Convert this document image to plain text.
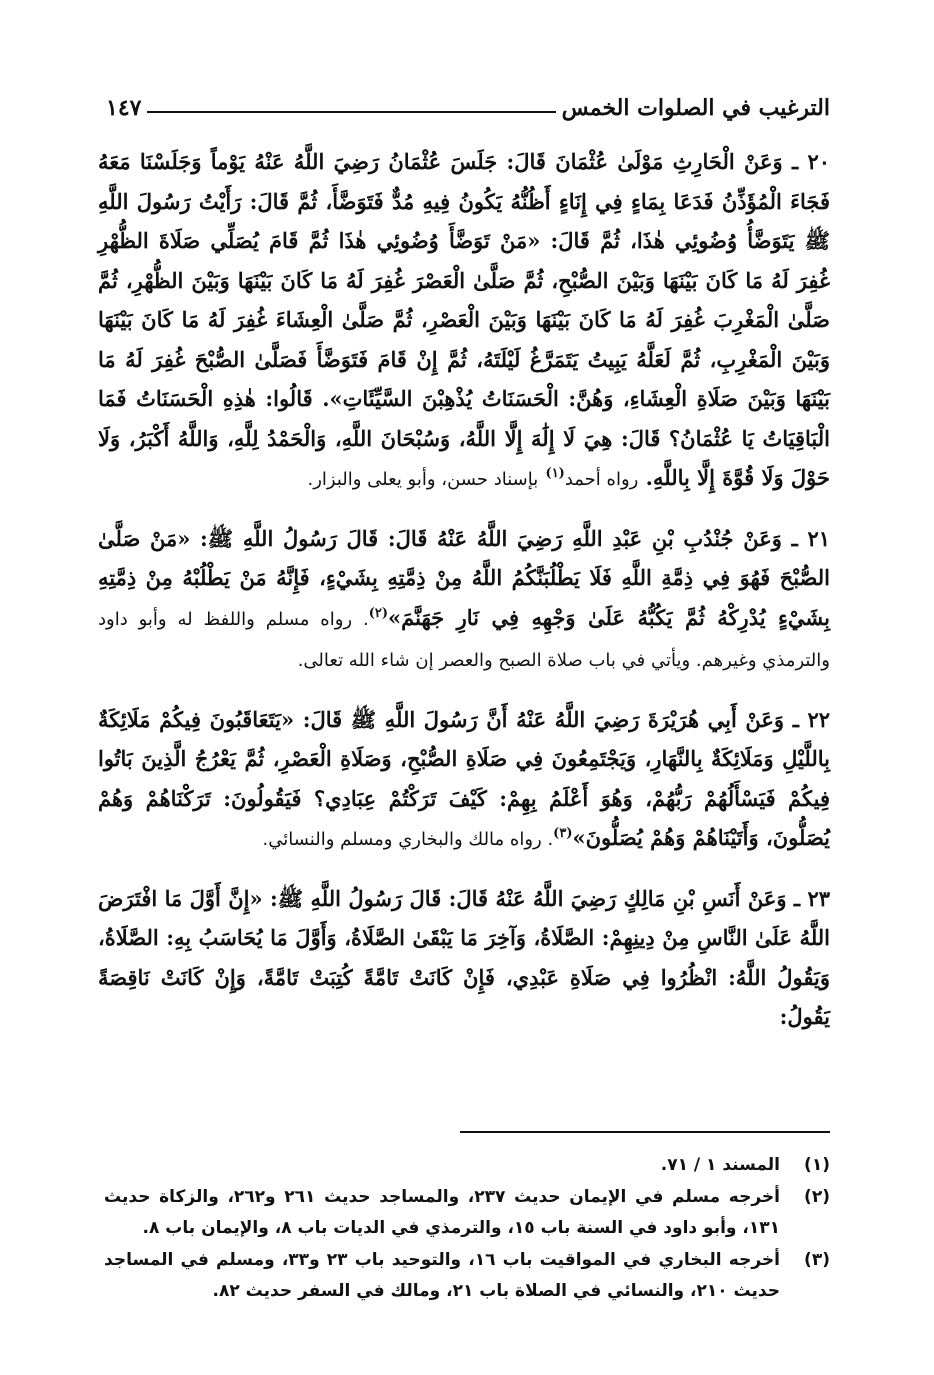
الترغيب في الصلوات الخمس
١٤٧

٢٠ ـ وَعَنْ الْحَارِثِ مَوْلَىٰ عُثْمَانَ قَالَ: جَلَسَ عُثْمَانُ رَضِيَ اللَّهُ عَنْهُ يَوْماً وَجَلَسْنَا مَعَهُ فَجَاءَ الْمُؤَذِّنُ فَدَعَا بِمَاءٍ فِي إِنَاءٍ أَظُنُّهُ يَكُونُ فِيهِ مُدٌّ فَتَوَضَّأَ، ثُمَّ قَالَ: رَأَيْتُ رَسُولَ اللَّهِ ﷺ يَتَوَضَّأُ وُضُوئِي هٰذَا، ثُمَّ قَالَ: «مَنْ تَوَضَّأَ وُضُوئِي هٰذَا ثُمَّ قَامَ يُصَلِّي صَلَاةَ الظُّهْرِ غُفِرَ لَهُ مَا كَانَ بَيْنَهَا وَبَيْنَ الصُّبْحِ، ثُمَّ صَلَّىٰ الْعَصْرَ غُفِرَ لَهُ مَا كَانَ بَيْنَهَا وَبَيْنَ الظُّهْرِ، ثُمَّ صَلَّىٰ الْمَغْرِبَ غُفِرَ لَهُ مَا كَانَ بَيْنَهَا وَبَيْنَ الْعَصْرِ، ثُمَّ صَلَّىٰ الْعِشَاءَ غُفِرَ لَهُ مَا كَانَ بَيْنَهَا وَبَيْنَ الْمَغْرِبِ، ثُمَّ لَعَلَّهُ يَبِيتُ يَتَمَرَّغُ لَيْلَتَهُ، ثُمَّ إِنْ قَامَ فَتَوَضَّأَ فَصَلَّىٰ الصُّبْحَ غُفِرَ لَهُ مَا بَيْنَهَا وَبَيْنَ صَلَاةِ الْعِشَاءِ، وَهُنَّ: الْحَسَنَاتُ يُذْهِبْنَ السَّيِّئَاتِ». قَالُوا: هٰذِهِ الْحَسَنَاتُ فَمَا الْبَاقِيَاتُ يَا عُثْمَانُ؟ قَالَ: هِيَ لَا إِلَٰهَ إِلَّا اللَّهُ، وَسُبْحَانَ اللَّهِ، وَالْحَمْدُ لِلَّهِ، وَاللَّهُ أَكْبَرُ، وَلَا حَوْلَ وَلَا قُوَّةَ إِلَّا بِاللَّهِ. رواه أحمد$^{(١)}$ بإسناد حسن، وأبو يعلى والبزار.

٢١ ـ وَعَنْ جُنْدُبِ بْنِ عَبْدِ اللَّهِ رَضِيَ اللَّهُ عَنْهُ قَالَ: قَالَ رَسُولُ اللَّهِ ﷺ: «مَنْ صَلَّىٰ الصُّبْحَ فَهُوَ فِي ذِمَّةِ اللَّهِ فَلَا يَطْلُبَنَّكُمُ اللَّهُ مِنْ ذِمَّتِهِ بِشَيْءٍ، فَإِنَّهُ مَنْ يَطْلُبْهُ مِنْ ذِمَّتِهِ بِشَيْءٍ يُدْرِكْهُ ثُمَّ يَكُبُّهُ عَلَىٰ وَجْهِهِ فِي نَارِ جَهَنَّمَ»$^{(٢)}$. رواه مسلم واللفظ له وأبو داود والترمذي وغيرهم. ويأتي في باب صلاة الصبح والعصر إن شاء الله تعالى.

٢٢ ـ وَعَنْ أَبِي هُرَيْرَةَ رَضِيَ اللَّهُ عَنْهُ أَنَّ رَسُولَ اللَّهِ ﷺ قَالَ: «يَتَعَاقَبُونَ فِيكُمْ مَلَائِكَةٌ بِاللَّيْلِ وَمَلَائِكَةٌ بِالنَّهَارِ، وَيَجْتَمِعُونَ فِي صَلَاةِ الصُّبْحِ، وَصَلَاةِ الْعَصْرِ، ثُمَّ يَعْرُجُ الَّذِينَ بَاتُوا فِيكُمْ فَيَسْأَلُهُمْ رَبُّهُمْ، وَهُوَ أَعْلَمُ بِهِمْ: كَيْفَ تَرَكْتُمْ عِبَادِي؟ فَيَقُولُونَ: تَرَكْنَاهُمْ وَهُمْ يُصَلُّونَ، وَأَتَيْنَاهُمْ وَهُمْ يُصَلُّونَ»$^{(٣)}$. رواه مالك والبخاري ومسلم والنسائي.

٢٣ ـ وَعَنْ أَنَسِ بْنِ مَالِكٍ رَضِيَ اللَّهُ عَنْهُ قَالَ: قَالَ رَسُولُ اللَّهِ ﷺ: «إِنَّ أَوَّلَ مَا افْتَرَضَ اللَّهُ عَلَىٰ النَّاسِ مِنْ دِينِهِمْ: الصَّلَاةُ، وَآخِرَ مَا يَبْقَىٰ الصَّلَاةُ، وَأَوَّلَ مَا يُحَاسَبُ بِهِ: الصَّلَاةُ، وَيَقُولُ اللَّهُ: انْظُرُوا فِي صَلَاةِ عَبْدِي، فَإِنْ كَانَتْ تَامَّةً كُتِبَتْ تَامَّةً، وَإِنْ كَانَتْ نَاقِصَةً يَقُولُ:

(١)
المسند ١ / ٧١.
(٢)
أخرجه مسلم في الإيمان حديث ٢٣٧، والمساجد حديث ٢٦١ و٢٦٢، والزكاة حديث ١٣١، وأبو داود في السنة باب ١٥، والترمذي في الديات باب ٨، والإيمان باب ٨.
(٣)
أخرجه البخاري في المواقيت باب ١٦، والتوحيد باب ٢٣ و٣٣، ومسلم في المساجد حديث ٢١٠، والنسائي في الصلاة باب ٢١، ومالك في السفر حديث ٨٢.
